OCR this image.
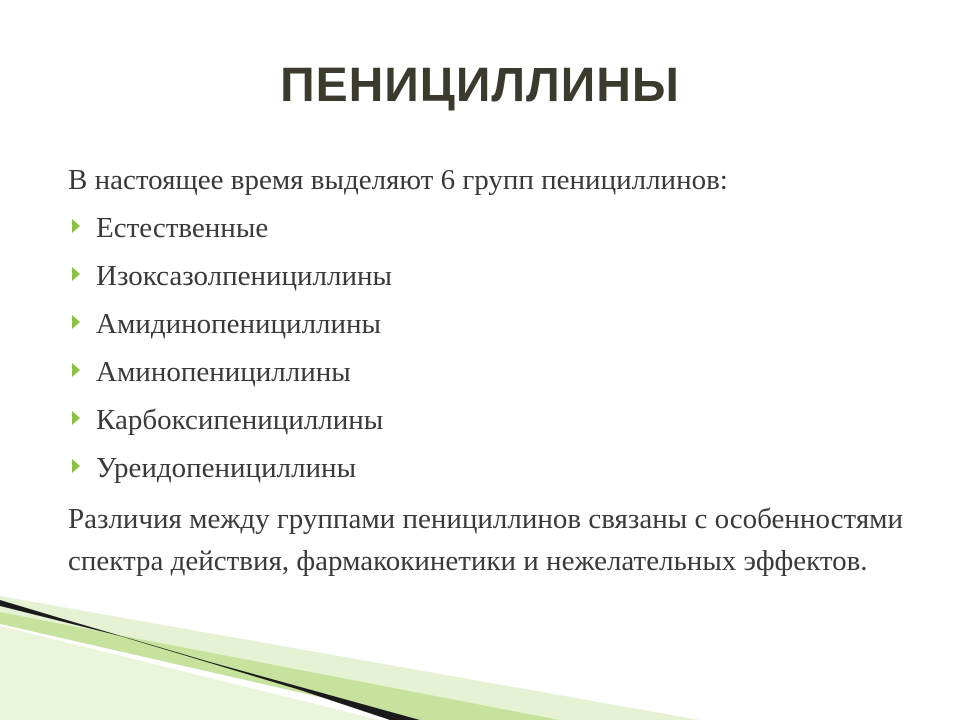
ПЕНИЦИЛЛИНЫ

В настоящее время выделяют 6 групп пенициллинов:

Естественные
Изоксазолпенициллины
Амидинопенициллины
Аминопенициллины
Карбоксипенициллины
Уреидопенициллины

Различия между группами пенициллинов связаны с особенностями спектра действия, фармакокинетики и нежелательных эффектов.
